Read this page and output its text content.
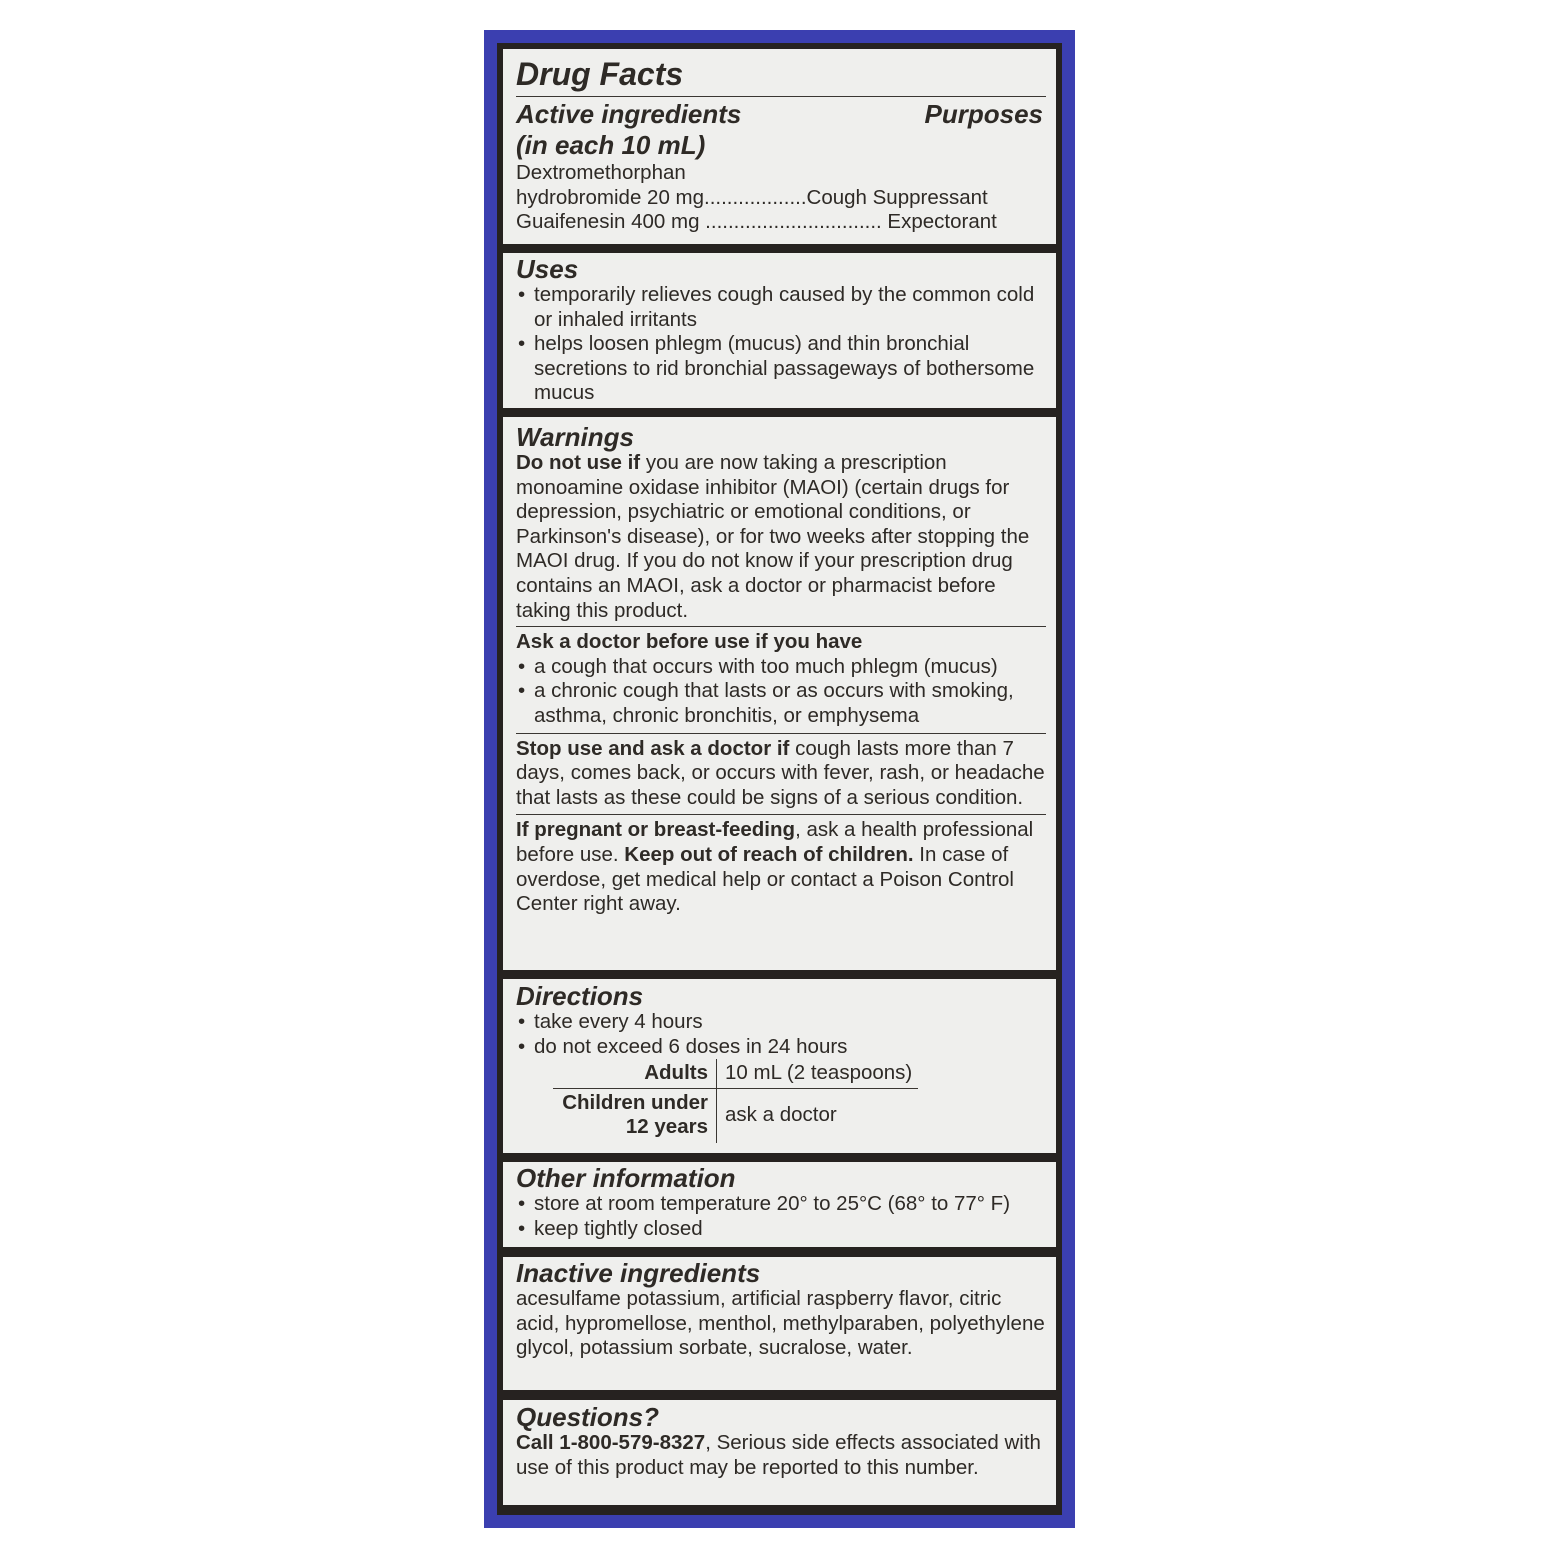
Drug Facts
Active ingredients	Purposes
(in each 10 mL)
Dextromethorphan
hydrobromide 20 mg..................Cough Suppressant
Guaifenesin 400 mg ............................... Expectorant
Uses
• temporarily relieves cough caused by the common cold or inhaled irritants
• helps loosen phlegm (mucus) and thin bronchial secretions to rid bronchial passageways of bothersome mucus
Warnings
Do not use if you are now taking a prescription monoamine oxidase inhibitor (MAOI) (certain drugs for depression, psychiatric or emotional conditions, or Parkinson's disease), or for two weeks after stopping the MAOI drug. If you do not know if your prescription drug contains an MAOI, ask a doctor or pharmacist before taking this product.
Ask a doctor before use if you have
• a cough that occurs with too much phlegm (mucus)
• a chronic cough that lasts or as occurs with smoking, asthma, chronic bronchitis, or emphysema
Stop use and ask a doctor if cough lasts more than 7 days, comes back, or occurs with fever, rash, or headache that lasts as these could be signs of a serious condition.
If pregnant or breast-feeding, ask a health professional before use. Keep out of reach of children. In case of overdose, get medical help or contact a Poison Control Center right away.
Directions
• take every 4 hours
• do not exceed 6 doses in 24 hours
Adults	10 mL (2 teaspoons)
Children under
12 years	ask a doctor
Other information
• store at room temperature 20° to 25°C (68° to 77° F)
• keep tightly closed
Inactive ingredients
acesulfame potassium, artificial raspberry flavor, citric acid, hypromellose, menthol, methylparaben, polyethylene glycol, potassium sorbate, sucralose, water.
Questions?
Call 1-800-579-8327, Serious side effects associated with use of this product may be reported to this number.
